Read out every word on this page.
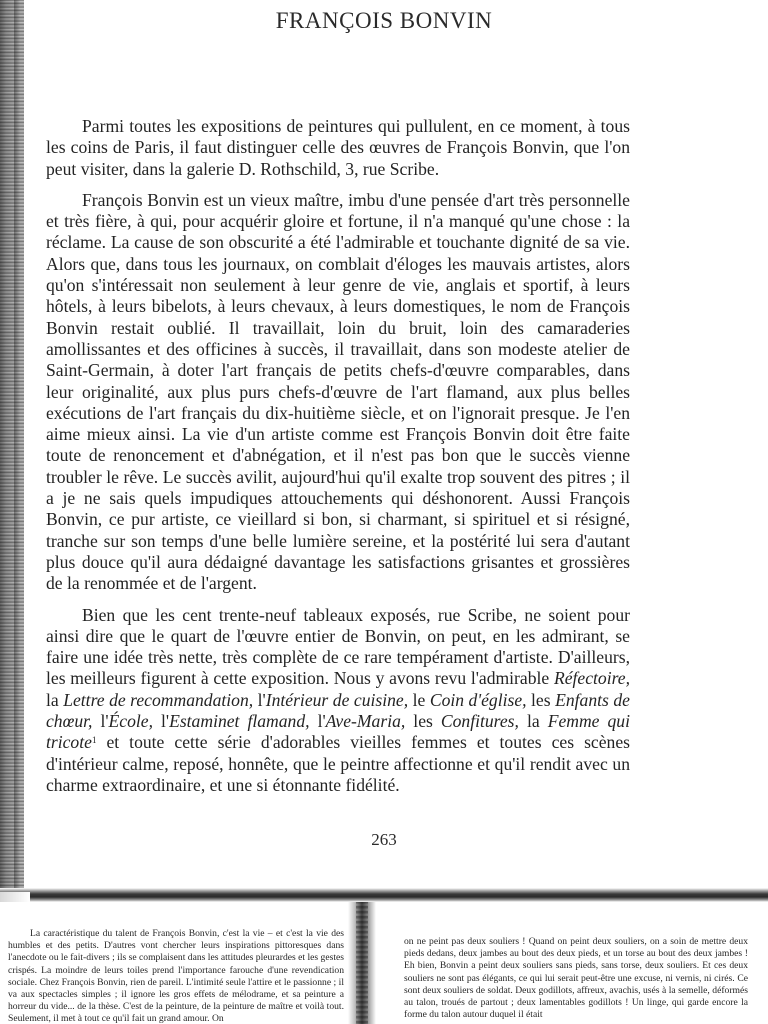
FRANÇOIS BONVIN

Parmi toutes les expositions de peintures qui pullulent, en ce moment, à tous les coins de Paris, il faut distinguer celle des œuvres de François Bonvin, que l'on peut visiter, dans la galerie D. Rothschild, 3, rue Scribe.

François Bonvin est un vieux maître, imbu d'une pensée d'art très personnelle et très fière, à qui, pour acquérir gloire et fortune, il n'a manqué qu'une chose : la réclame. La cause de son obscurité a été l'admirable et touchante dignité de sa vie. Alors que, dans tous les journaux, on comblait d'éloges les mauvais artistes, alors qu'on s'intéressait non seulement à leur genre de vie, anglais et sportif, à leurs hôtels, à leurs bibelots, à leurs chevaux, à leurs domestiques, le nom de François Bonvin restait oublié. Il travaillait, loin du bruit, loin des camaraderies amollissantes et des officines à succès, il travaillait, dans son modeste atelier de Saint-Germain, à doter l'art français de petits chefs-d'œuvre comparables, dans leur originalité, aux plus purs chefs-d'œuvre de l'art flamand, aux plus belles exécutions de l'art français du dix-huitième siècle, et on l'ignorait presque. Je l'en aime mieux ainsi. La vie d'un artiste comme est François Bonvin doit être faite toute de renoncement et d'abnégation, et il n'est pas bon que le succès vienne troubler le rêve. Le succès avilit, aujourd'hui qu'il exalte trop souvent des pitres ; il a je ne sais quels impudiques attouchements qui déshonorent. Aussi François Bonvin, ce pur artiste, ce vieillard si bon, si charmant, si spirituel et si résigné, tranche sur son temps d'une belle lumière sereine, et la postérité lui sera d'autant plus douce qu'il aura dédaigné davantage les satisfactions grisantes et grossières de la renommée et de l'argent.

Bien que les cent trente-neuf tableaux exposés, rue Scribe, ne soient pour ainsi dire que le quart de l'œuvre entier de Bonvin, on peut, en les admirant, se faire une idée très nette, très complète de ce rare tempérament d'artiste. D'ailleurs, les meilleurs figurent à cette exposition. Nous y avons revu l'admirable Réfectoire, la Lettre de recommandation, l'Intérieur de cuisine, le Coin d'église, les Enfants de chœur, l'École, l'Estaminet flamand, l'Ave-Maria, les Confitures, la Femme qui tricote$^1$ et toute cette série d'adorables vieilles femmes et toutes ces scènes d'intérieur calme, reposé, honnête, que le peintre affectionne et qu'il rendit avec un charme extraordinaire, et une si étonnante fidélité.

263

La caractéristique du talent de François Bonvin, c'est la vie – et c'est la vie des humbles et des petits. D'autres vont chercher leurs inspirations pittoresques dans l'anecdote ou le fait-divers ; ils se complaisent dans les attitudes pleurardes et les gestes crispés. La moindre de leurs toiles prend l'importance farouche d'une revendication sociale. Chez François Bonvin, rien de pareil. L'intimité seule l'attire et le passionne ; il va aux spectacles simples ; il ignore les gros effets de mélodrame, et sa peinture a horreur du vide... de la thèse. C'est de la peinture, de la peinture de maître et voilà tout. Seulement, il met à tout ce qu'il fait un grand amour. On

on ne peint pas deux souliers ! Quand on peint deux souliers, on a soin de mettre deux pieds dedans, deux jambes au bout des deux pieds, et un torse au bout des deux jambes ! Eh bien, Bonvin a peint deux souliers sans pieds, sans torse, deux souliers. Et ces deux souliers ne sont pas élégants, ce qui lui serait peut-être une excuse, ni vernis, ni cirés. Ce sont deux souliers de soldat. Deux godillots, affreux, avachis, usés à la semelle, déformés au talon, troués de partout ; deux lamentables godillots ! Un linge, qui garde encore la forme du talon autour duquel il était
